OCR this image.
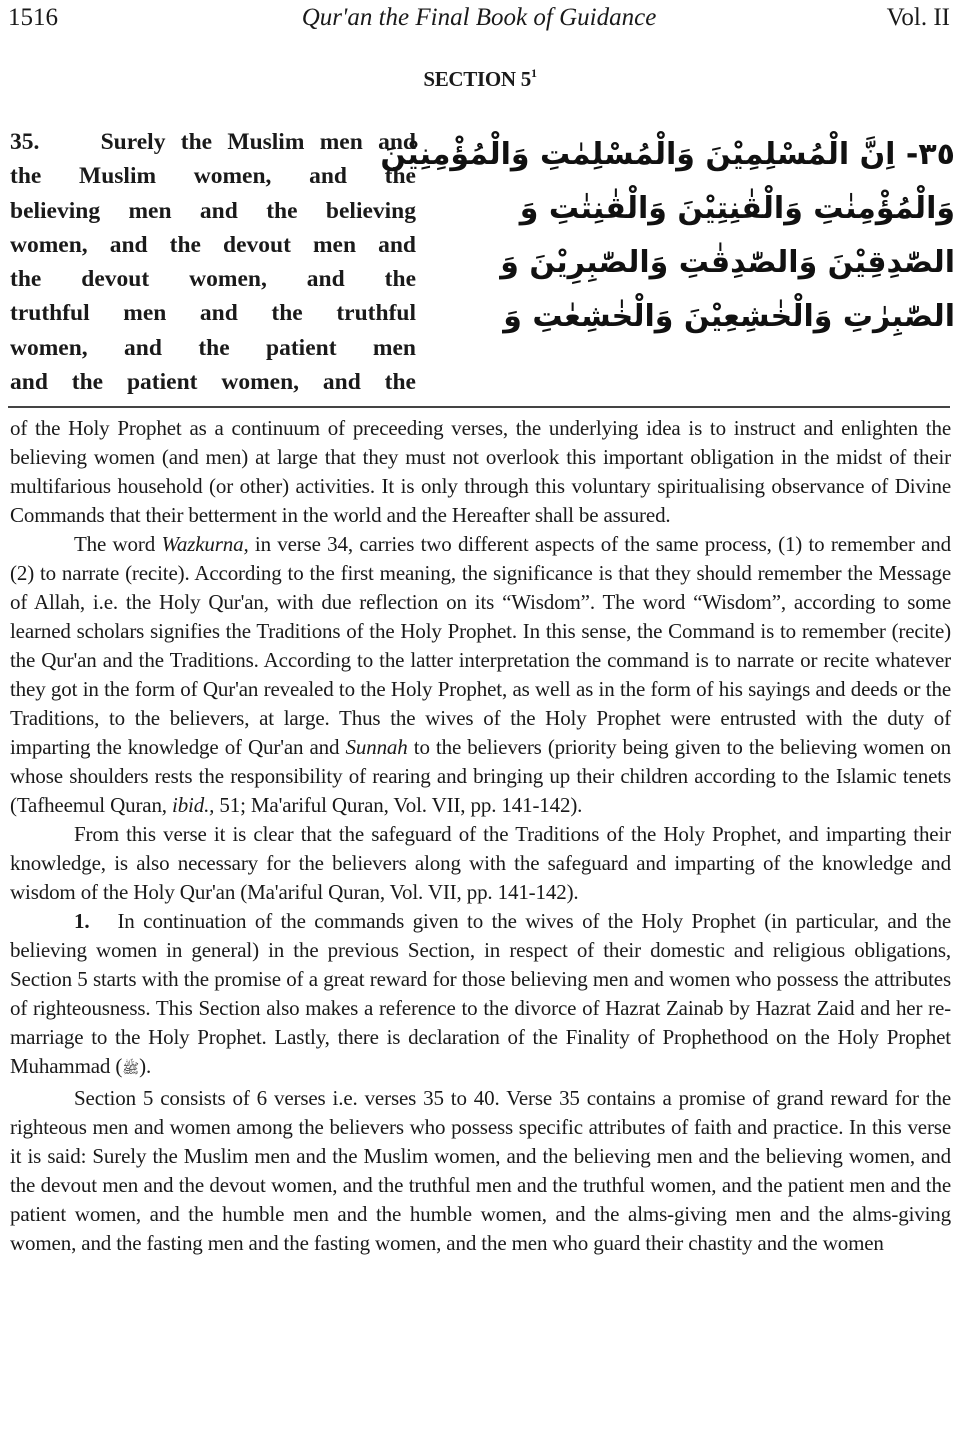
1516	Qur'an the Final Book of Guidance	Vol. II
SECTION $5^1$
35.	Surely the Muslim men and
the Muslim women, and the
believing men and the believing
women, and the devout men and
the devout women, and the
truthful men and the truthful
women, and the patient men
and the patient women, and the
٣٥- اِنَّ الْمُسْلِمِيْنَ وَالْمُسْلِمٰتِ وَالْمُؤْمِنِيْنَ
وَالْمُؤْمِنٰتِ وَالْقٰنِتِيْنَ وَالْقٰنِتٰتِ وَ
الصّٰدِقِيْنَ وَالصّٰدِقٰتِ وَالصّٰبِرِيْنَ وَ
الصّٰبِرٰتِ وَالْخٰشِعِيْنَ وَالْخٰشِعٰتِ وَ

of the Holy Prophet as a continuum of preceeding verses, the underlying idea is to instruct and enlighten the believing women (and men) at large that they must not overlook this important obligation in the midst of their multifarious household (or other) activities. It is only through this voluntary spiritualising observance of Divine Commands that their betterment in the world and the Hereafter shall be assured.

The word Wazkurna, in verse 34, carries two different aspects of the same process, (1) to remember and (2) to narrate (recite). According to the first meaning, the significance is that they should remember the Message of Allah, i.e. the Holy Qur'an, with due reflection on its “Wisdom”. The word “Wisdom”, according to some learned scholars signifies the Traditions of the Holy Prophet. In this sense, the Command is to remember (recite) the Qur'an and the Traditions. According to the latter interpretation the command is to narrate or recite whatever they got in the form of Qur'an revealed to the Holy Prophet, as well as in the form of his sayings and deeds or the Traditions, to the believers, at large. Thus the wives of the Holy Prophet were entrusted with the duty of imparting the knowledge of Qur'an and Sunnah to the believers (priority being given to the believing women on whose shoulders rests the responsibility of rearing and bringing up their children according to the Islamic tenets (Tafheemul Quran, ibid., 51; Ma'ariful Quran, Vol. VII, pp. 141-142).

From this verse it is clear that the safeguard of the Traditions of the Holy Prophet, and imparting their knowledge, is also necessary for the believers along with the safeguard and imparting of the knowledge and wisdom of the Holy Qur'an (Ma'ariful Quran, Vol. VII, pp. 141-142).

1. In continuation of the commands given to the wives of the Holy Prophet (in particular, and the believing women in general) in the previous Section, in respect of their domestic and religious obligations, Section 5 starts with the promise of a great reward for those believing men and women who possess the attributes of righteousness. This Section also makes a reference to the divorce of Hazrat Zainab by Hazrat Zaid and her re-marriage to the Holy Prophet. Lastly, there is declaration of the Finality of Prophethood on the Holy Prophet Muhammad (ﷺ).

Section 5 consists of 6 verses i.e. verses 35 to 40. Verse 35 contains a promise of grand reward for the righteous men and women among the believers who possess specific attributes of faith and practice. In this verse it is said: Surely the Muslim men and the Muslim women, and the believing men and the believing women, and the devout men and the devout women, and the truthful men and the truthful women, and the patient men and the patient women, and the humble men and the humble women, and the alms-giving men and the alms-giving women, and the fasting men and the fasting women, and the men who guard their chastity and the women
